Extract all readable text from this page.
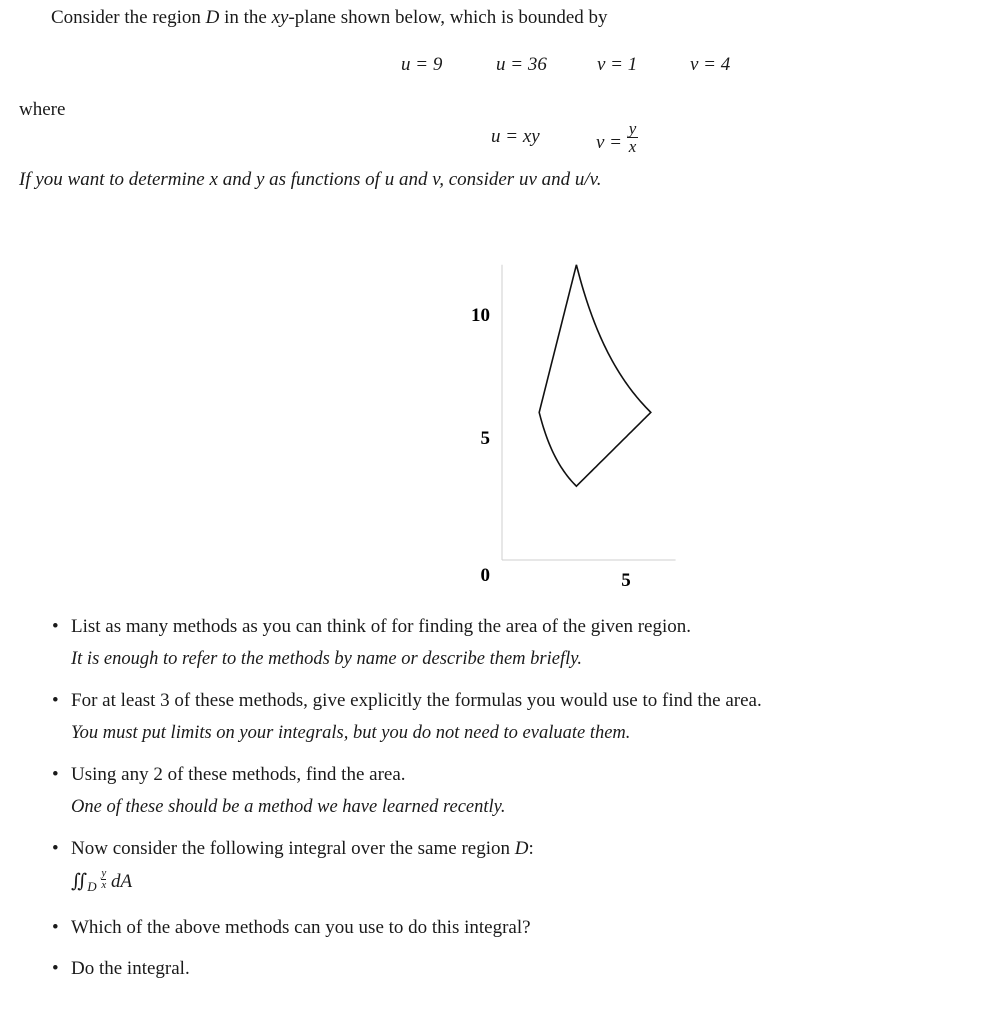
Consider the region D in the xy-plane shown below, which is bounded by
u = 9	u = 36	v = 1	v = 4
where
u = xy	$v = \frac{y}{x}$
If you want to determine x and y as functions of u and v, consider uv and u/v.
10
5
0	5
• List as many methods as you can think of for finding the area of the given region.
It is enough to refer to the methods by name or describe them briefly.
• For at least 3 of these methods, give explicitly the formulas you would use to find the area.
You must put limits on your integrals, but you do not need to evaluate them.
• Using any 2 of these methods, find the area.
One of these should be a method we have learned recently.
• Now consider the following integral over the same region D:
$∬_D \frac{y}{x}$ dA
• Which of the above methods can you use to do this integral?
• Do the integral.
